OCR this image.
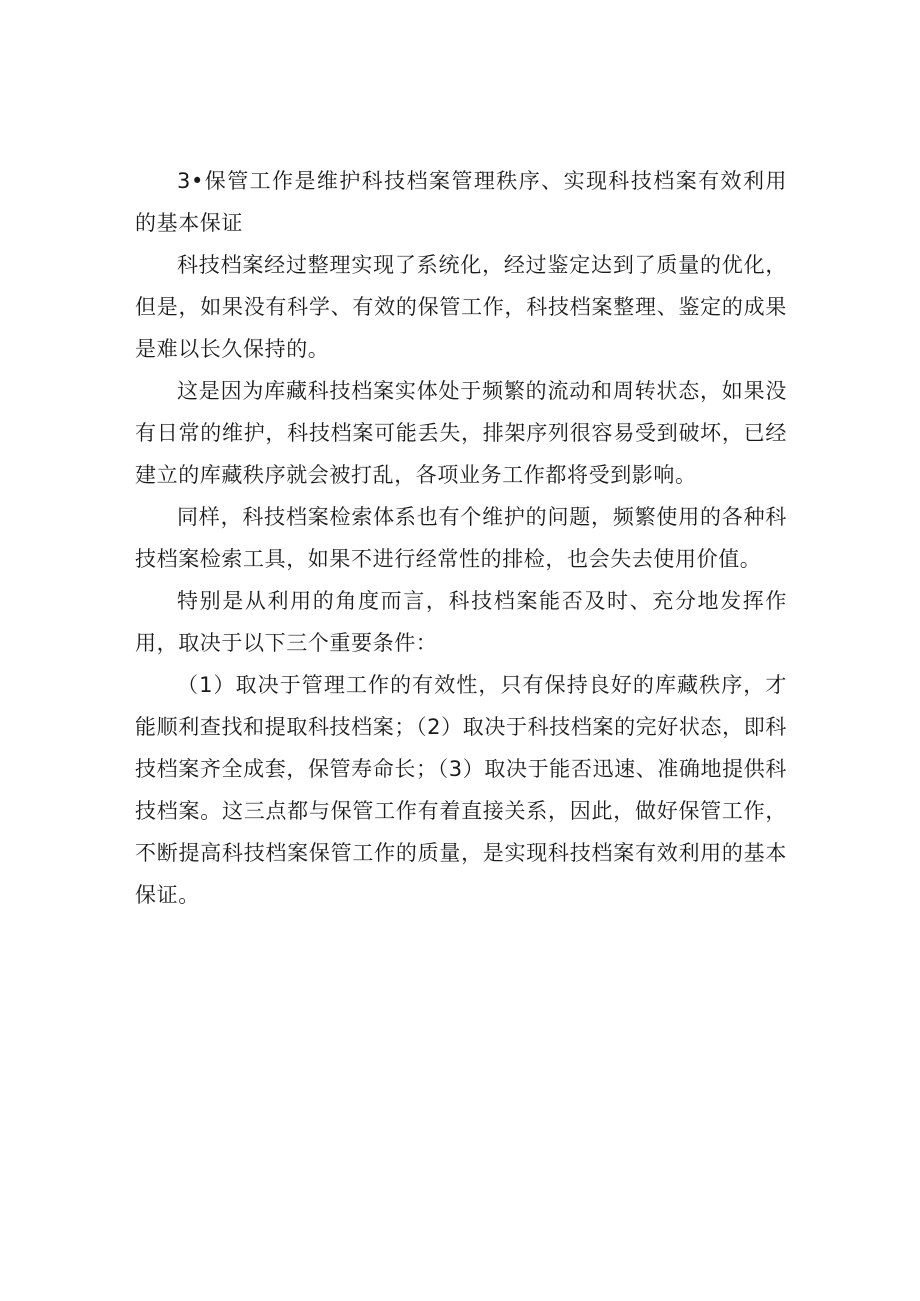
3•保管工作是维护科技档案管理秩序、实现科技档案有效利用的基本保证

科技档案经过整理实现了系统化，经过鉴定达到了质量的优化，但是，如果没有科学、有效的保管工作，科技档案整理、鉴定的成果是难以长久保持的。

这是因为库藏科技档案实体处于频繁的流动和周转状态，如果没有日常的维护，科技档案可能丢失，排架序列很容易受到破坏，已经建立的库藏秩序就会被打乱，各项业务工作都将受到影响。

同样，科技档案检索体系也有个维护的问题，频繁使用的各种科技档案检索工具，如果不进行经常性的排检，也会失去使用价值。

特别是从利用的角度而言，科技档案能否及时、充分地发挥作用，取决于以下三个重要条件：

（1）取决于管理工作的有效性，只有保持良好的库藏秩序，才能顺利查找和提取科技档案；（2）取决于科技档案的完好状态，即科技档案齐全成套，保管寿命长；（3）取决于能否迅速、准确地提供科技档案。这三点都与保管工作有着直接关系，因此，做好保管工作，不断提高科技档案保管工作的质量，是实现科技档案有效利用的基本保证。
